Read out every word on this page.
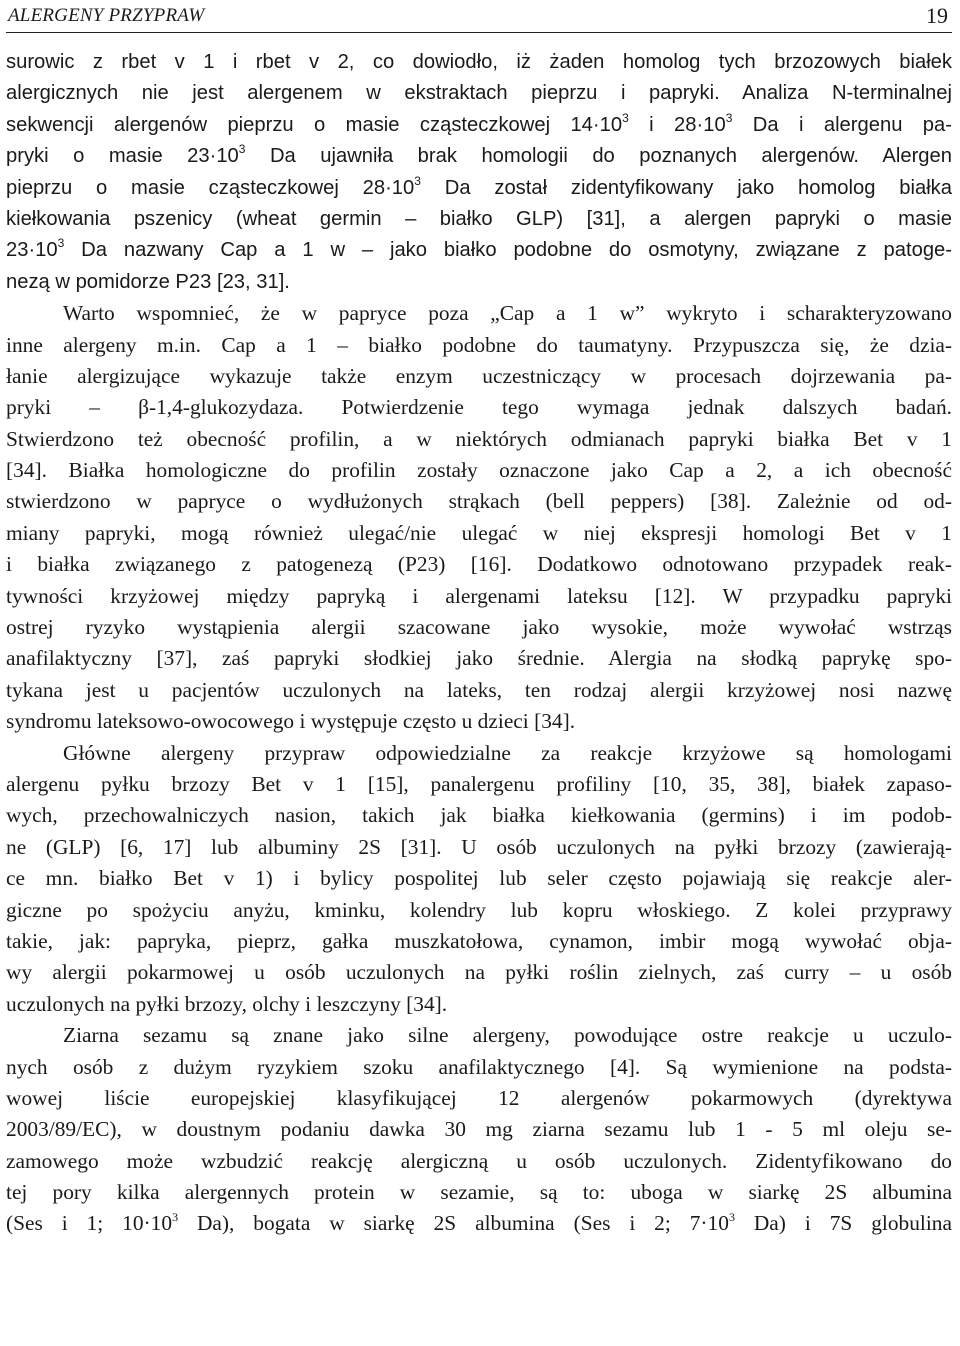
ALERGENY PRZYPRAW	19
surowic z rbet v 1 i rbet v 2, co dowiodło, iż żaden homolog tych brzozowych białek
alergicznych nie jest alergenem w ekstraktach pieprzu i papryki. Analiza N-terminalnej
sekwencji alergenów pieprzu o masie cząsteczkowej $14\cdot 10^3$ i $28\cdot 10^3$ Da i alergenu pa-
pryki o masie $23\cdot 10^3$ Da ujawniła brak homologii do poznanych alergenów. Alergen
pieprzu o masie cząsteczkowej $28\cdot 10^3$ Da został zidentyfikowany jako homolog białka
kiełkowania pszenicy (wheat germin – białko GLP) [31], a alergen papryki o masie
$23\cdot 10^3$ Da nazwany Cap a 1 w – jako białko podobne do osmotyny, związane z patoge-
nezą w pomidorze P23 [23, 31].
Warto wspomnieć, że w papryce poza „Cap a 1 w” wykryto i scharakteryzowano
inne alergeny m.in. Cap a 1 – białko podobne do taumatyny. Przypuszcza się, że dzia-
łanie alergizujące wykazuje także enzym uczestniczący w procesach dojrzewania pa-
pryki – β-1,4-glukozydaza. Potwierdzenie tego wymaga jednak dalszych badań.
Stwierdzono też obecność profilin, a w niektórych odmianach papryki białka Bet v 1
[34]. Białka homologiczne do profilin zostały oznaczone jako Cap a 2, a ich obecność
stwierdzono w papryce o wydłużonych strąkach (bell peppers) [38]. Zależnie od od-
miany papryki, mogą również ulegać/nie ulegać w niej ekspresji homologi Bet v 1
i białka związanego z patogenezą (P23) [16]. Dodatkowo odnotowano przypadek reak-
tywności krzyżowej między papryką i alergenami lateksu [12]. W przypadku papryki
ostrej ryzyko wystąpienia alergii szacowane jako wysokie, może wywołać wstrząs
anafilaktyczny [37], zaś papryki słodkiej jako średnie. Alergia na słodką paprykę spo-
tykana jest u pacjentów uczulonych na lateks, ten rodzaj alergii krzyżowej nosi nazwę
syndromu lateksowo-owocowego i występuje często u dzieci [34].
Główne alergeny przypraw odpowiedzialne za reakcje krzyżowe są homologami
alergenu pyłku brzozy Bet v 1 [15], panalergenu profiliny [10, 35, 38], białek zapaso-
wych, przechowalniczych nasion, takich jak białka kiełkowania (germins) i im podob-
ne (GLP) [6, 17] lub albuminy 2S [31]. U osób uczulonych na pyłki brzozy (zawierają-
ce mn. białko Bet v 1) i bylicy pospolitej lub seler często pojawiają się reakcje aler-
giczne po spożyciu anyżu, kminku, kolendry lub kopru włoskiego. Z kolei przyprawy
takie, jak: papryka, pieprz, gałka muszkatołowa, cynamon, imbir mogą wywołać obja-
wy alergii pokarmowej u osób uczulonych na pyłki roślin zielnych, zaś curry – u osób
uczulonych na pyłki brzozy, olchy i leszczyny [34].
Ziarna sezamu są znane jako silne alergeny, powodujące ostre reakcje u uczulo-
nych osób z dużym ryzykiem szoku anafilaktycznego [4]. Są wymienione na podsta-
wowej liście europejskiej klasyfikującej 12 alergenów pokarmowych (dyrektywa
2003/89/EC), w doustnym podaniu dawka 30 mg ziarna sezamu lub 1 - 5 ml oleju se-
zamowego może wzbudzić reakcję alergiczną u osób uczulonych. Zidentyfikowano do
tej pory kilka alergennych protein w sezamie, są to: uboga w siarkę 2S albumina
(Ses i 1; $10\cdot 10^3$ Da), bogata w siarkę 2S albumina (Ses i 2; $7\cdot 10^3$ Da) i 7S globulina
